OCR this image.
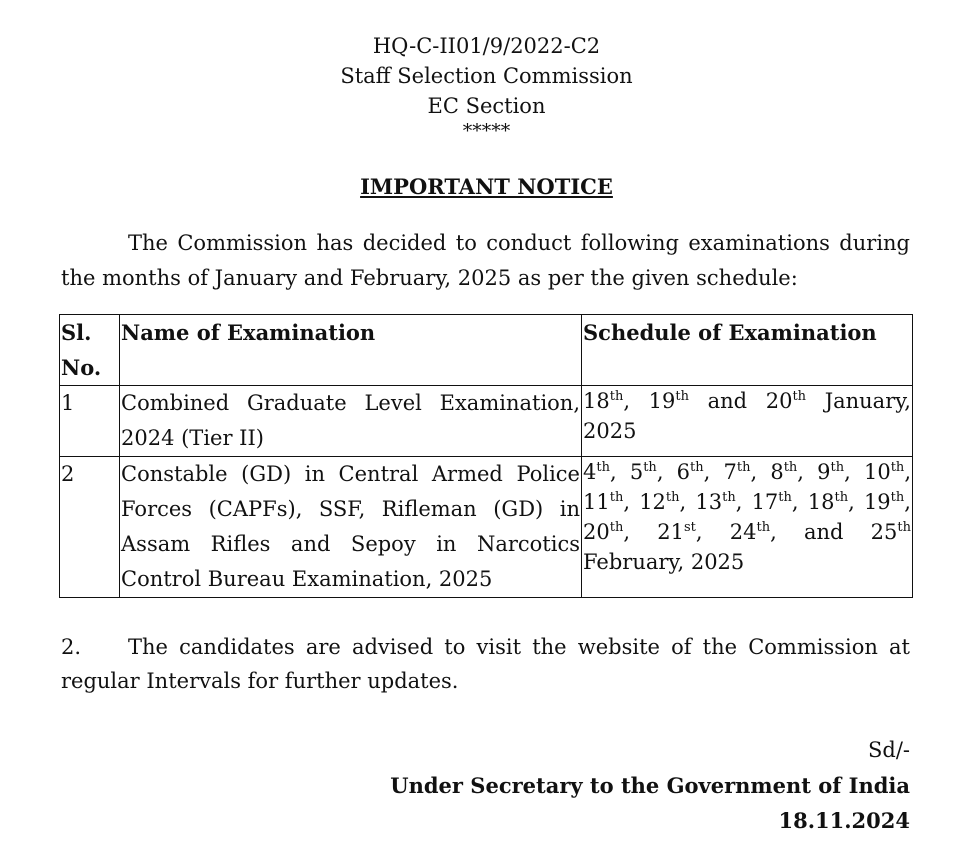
HQ-C-II01/9/2022-C2
Staff Selection Commission
EC Section
*****
IMPORTANT NOTICE
The Commission has decided to conduct following examinations during the months of January and February, 2025 as per the given schedule:
Sl. No.	Name of Examination	Schedule of Examination
1	Combined Graduate Level Examination, 2024 (Tier II)	18th, 19th and 20th January, 2025
2	Constable (GD) in Central Armed Police Forces (CAPFs), SSF, Rifleman (GD) in Assam Rifles and Sepoy in Narcotics Control Bureau Examination, 2025	4th, 5th, 6th, 7th, 8th, 9th, 10th, 11th, 12th, 13th, 17th, 18th, 19th, 20th, 21st, 24th, and 25th February, 2025
2. The candidates are advised to visit the website of the Commission at regular Intervals for further updates.
Sd/-
Under Secretary to the Government of India
18.11.2024
